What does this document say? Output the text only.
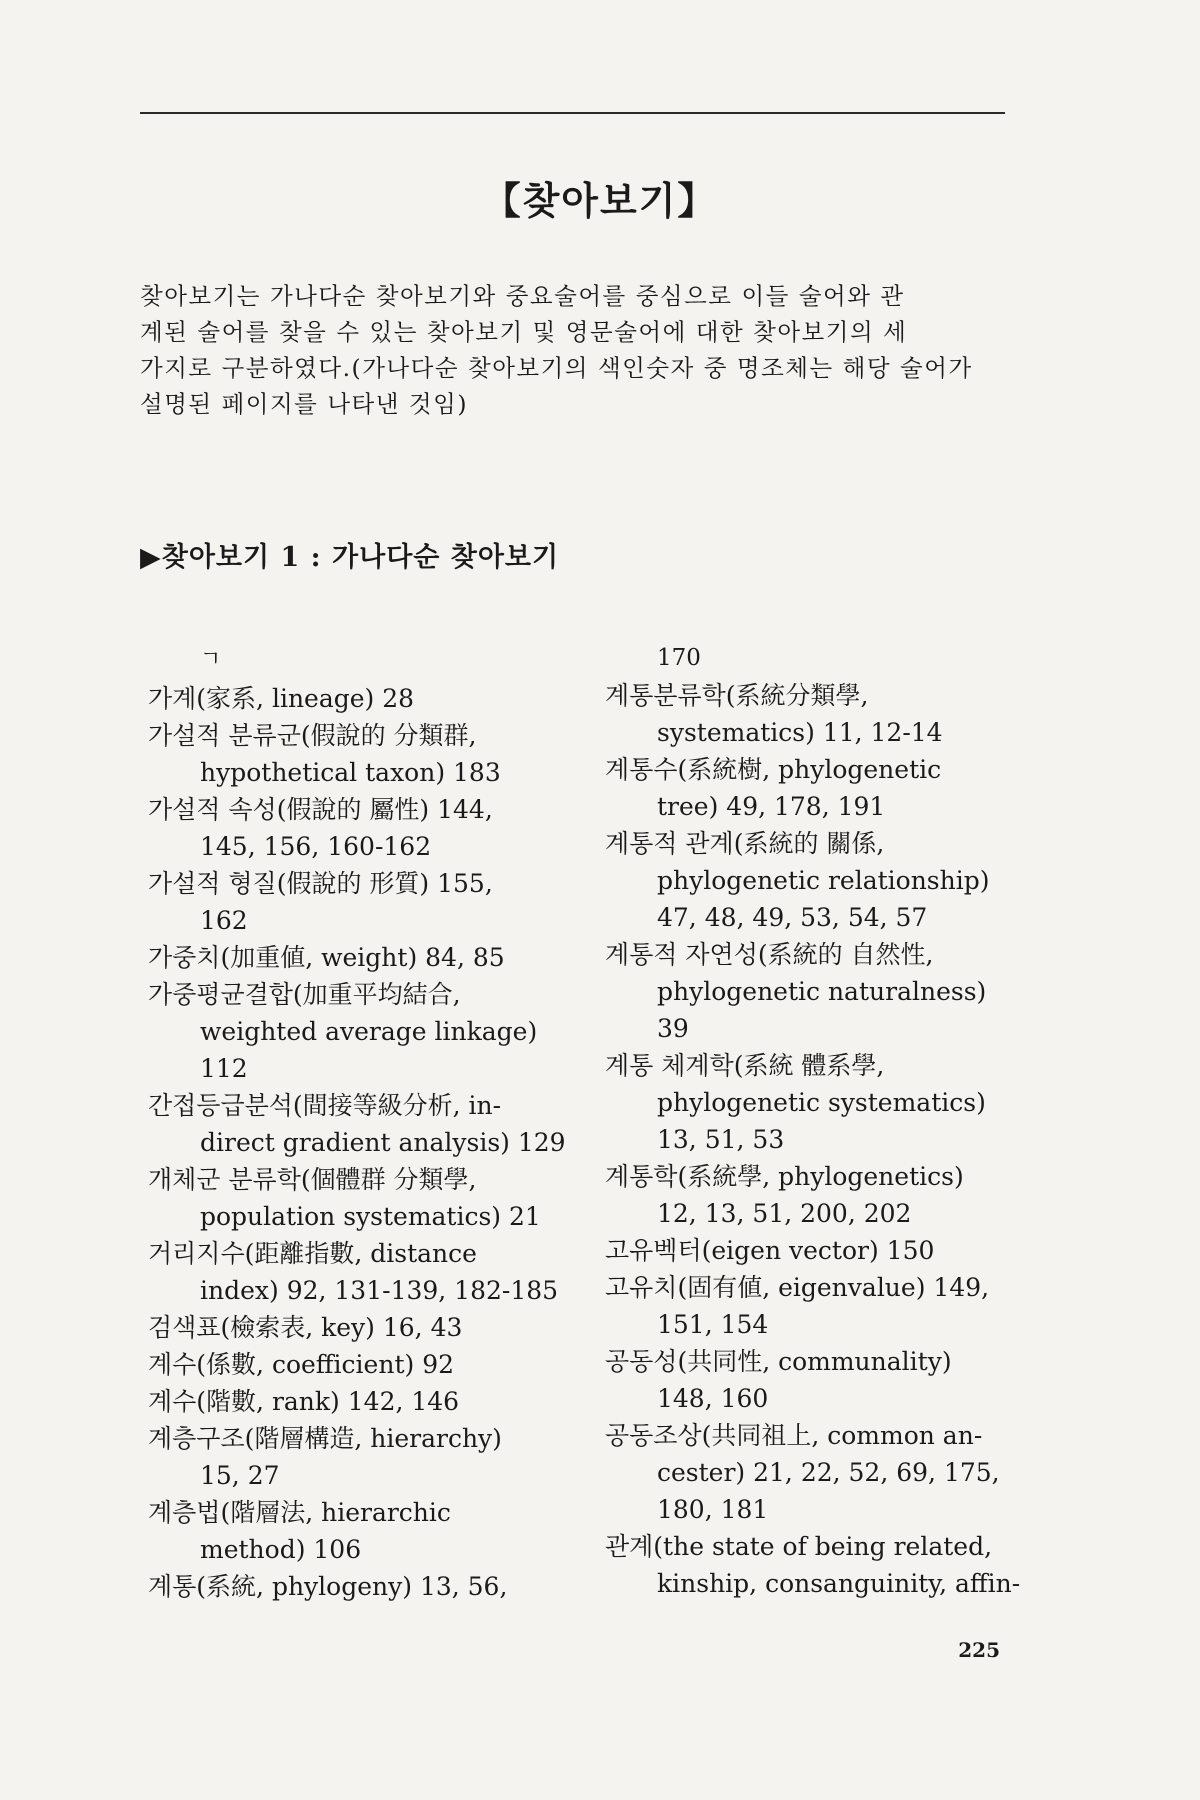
【찾아보기】
찾아보기는 가나다순 찾아보기와 중요술어를 중심으로 이들 술어와 관
계된 술어를 찾을 수 있는 찾아보기 및 영문술어에 대한 찾아보기의 세
가지로 구분하였다.(가나다순 찾아보기의 색인숫자 중 명조체는 해당 술어가
설명된 페이지를 나타낸 것임)
▶찾아보기 1 : 가나다순 찾아보기
ㄱ
가계(家系, lineage) 28
가설적 분류군(假說的 分類群,
hypothetical taxon) 183
가설적 속성(假說的 屬性) 144,
145, 156, 160-162
가설적 형질(假說的 形質) 155,
162
가중치(加重値, weight) 84, 85
가중평균결합(加重平均結合,
weighted average linkage)
112
간접등급분석(間接等級分析, in-
direct gradient analysis) 129
개체군 분류학(個體群 分類學,
population systematics) 21
거리지수(距離指數, distance
index) 92, 131-139, 182-185
검색표(檢索表, key) 16, 43
계수(係數, coefficient) 92
계수(階數, rank) 142, 146
계층구조(階層構造, hierarchy)
15, 27
계층법(階層法, hierarchic
method) 106
계통(系統, phylogeny) 13, 56,
170
계통분류학(系統分類學,
systematics) 11, 12-14
계통수(系統樹, phylogenetic
tree) 49, 178, 191
계통적 관계(系統的 關係,
phylogenetic relationship)
47, 48, 49, 53, 54, 57
계통적 자연성(系統的 自然性,
phylogenetic naturalness)
39
계통 체계학(系統 體系學,
phylogenetic systematics)
13, 51, 53
계통학(系統學, phylogenetics)
12, 13, 51, 200, 202
고유벡터(eigen vector) 150
고유치(固有値, eigenvalue) 149,
151, 154
공동성(共同性, communality)
148, 160
공동조상(共同祖上, common an-
cester) 21, 22, 52, 69, 175,
180, 181
관계(the state of being related,
kinship, consanguinity, affin-
225
